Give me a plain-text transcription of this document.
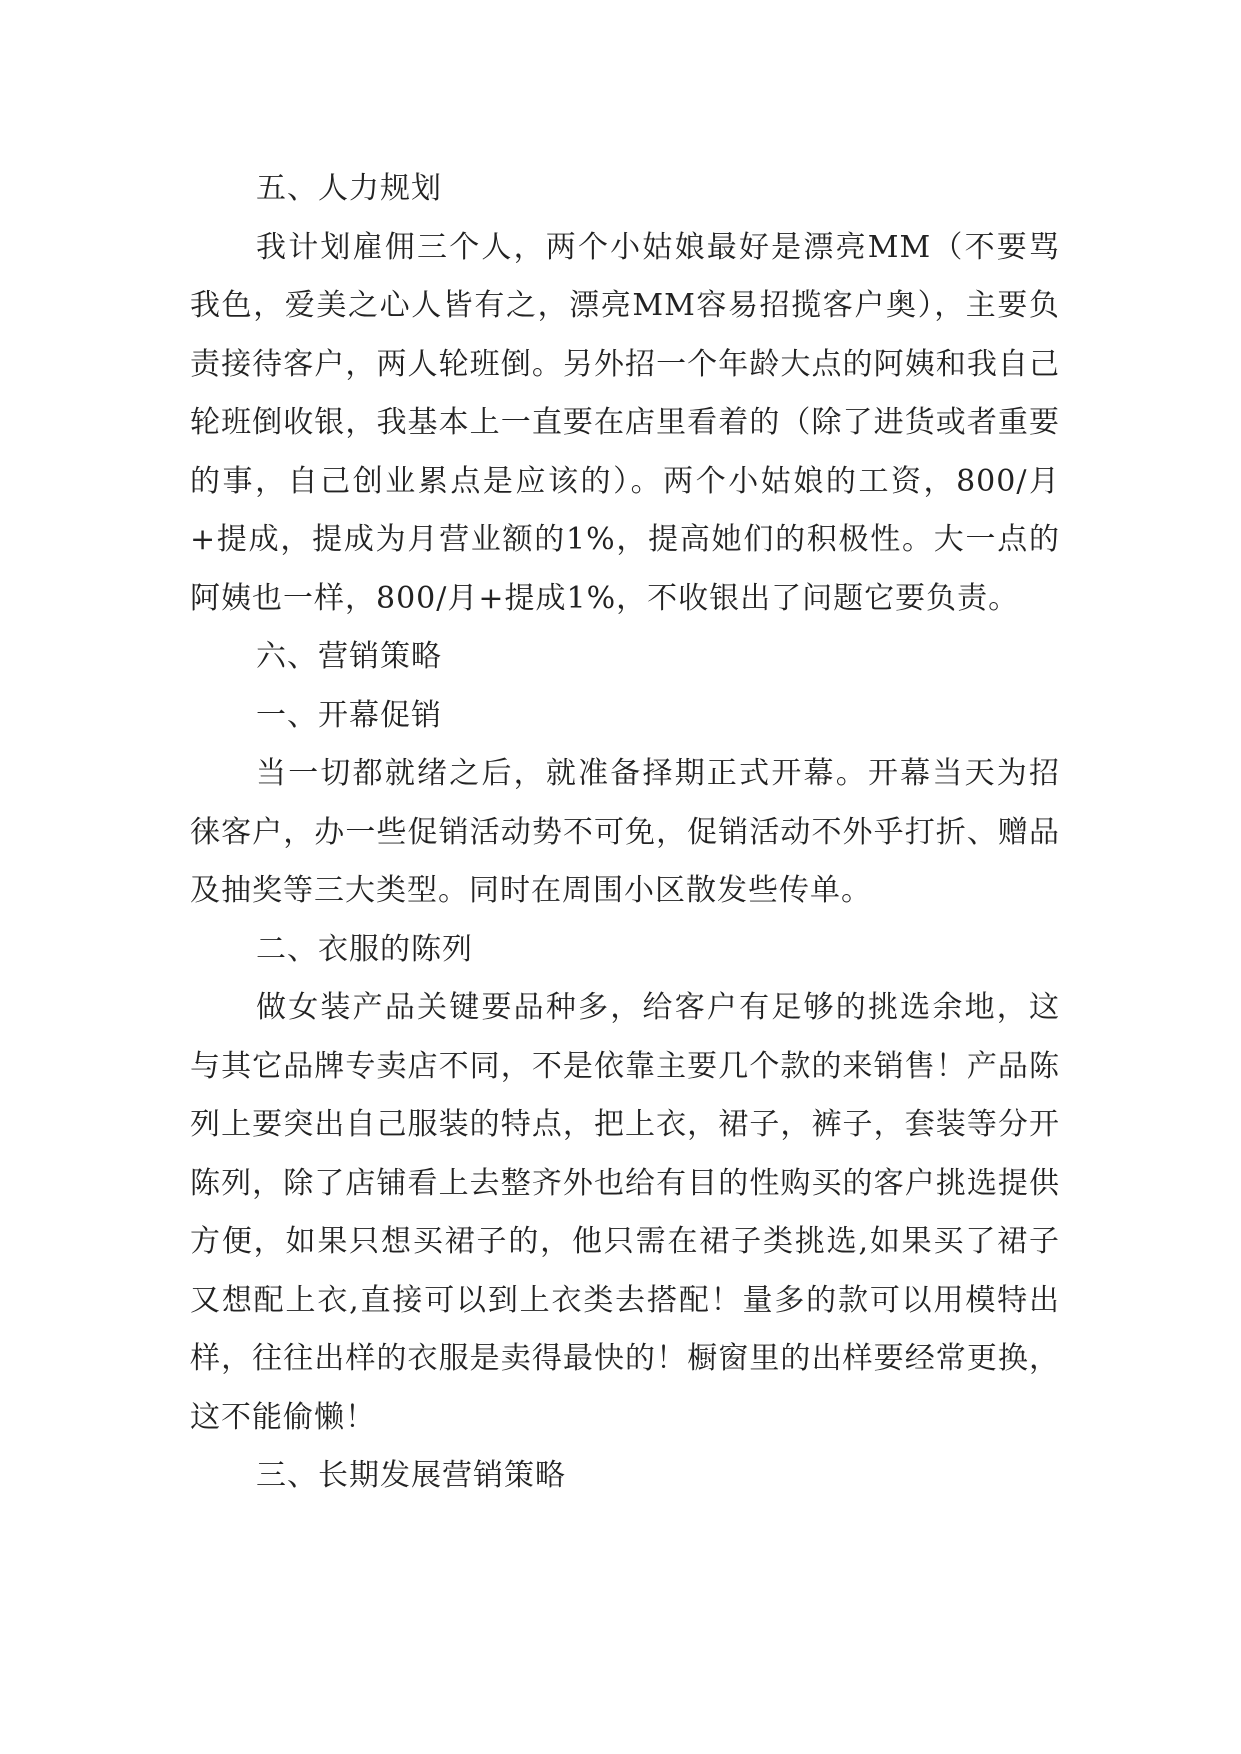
五、人力规划

我计划雇佣三个人，两个小姑娘最好是漂亮MM（不要骂我色，爱美之心人皆有之，漂亮MM容易招揽客户奥），主要负责接待客户，两人轮班倒。另外招一个年龄大点的阿姨和我自己轮班倒收银，我基本上一直要在店里看着的（除了进货或者重要的事，自己创业累点是应该的）。两个小姑娘的工资，800/月+提成，提成为月营业额的1%，提高她们的积极性。大一点的阿姨也一样，800/月+提成1%，不收银出了问题它要负责。

六、营销策略

一、开幕促销

当一切都就绪之后，就准备择期正式开幕。开幕当天为招徕客户，办一些促销活动势不可免，促销活动不外乎打折、赠品及抽奖等三大类型。同时在周围小区散发些传单。

二、衣服的陈列

做女装产品关键要品种多，给客户有足够的挑选余地，这与其它品牌专卖店不同，不是依靠主要几个款的来销售！产品陈列上要突出自己服装的特点，把上衣，裙子，裤子，套装等分开陈列，除了店铺看上去整齐外也给有目的性购买的客户挑选提供方便，如果只想买裙子的，他只需在裙子类挑选,如果买了裙子又想配上衣,直接可以到上衣类去搭配！量多的款可以用模特出样，往往出样的衣服是卖得最快的！橱窗里的出样要经常更换，这不能偷懒！

三、长期发展营销策略
